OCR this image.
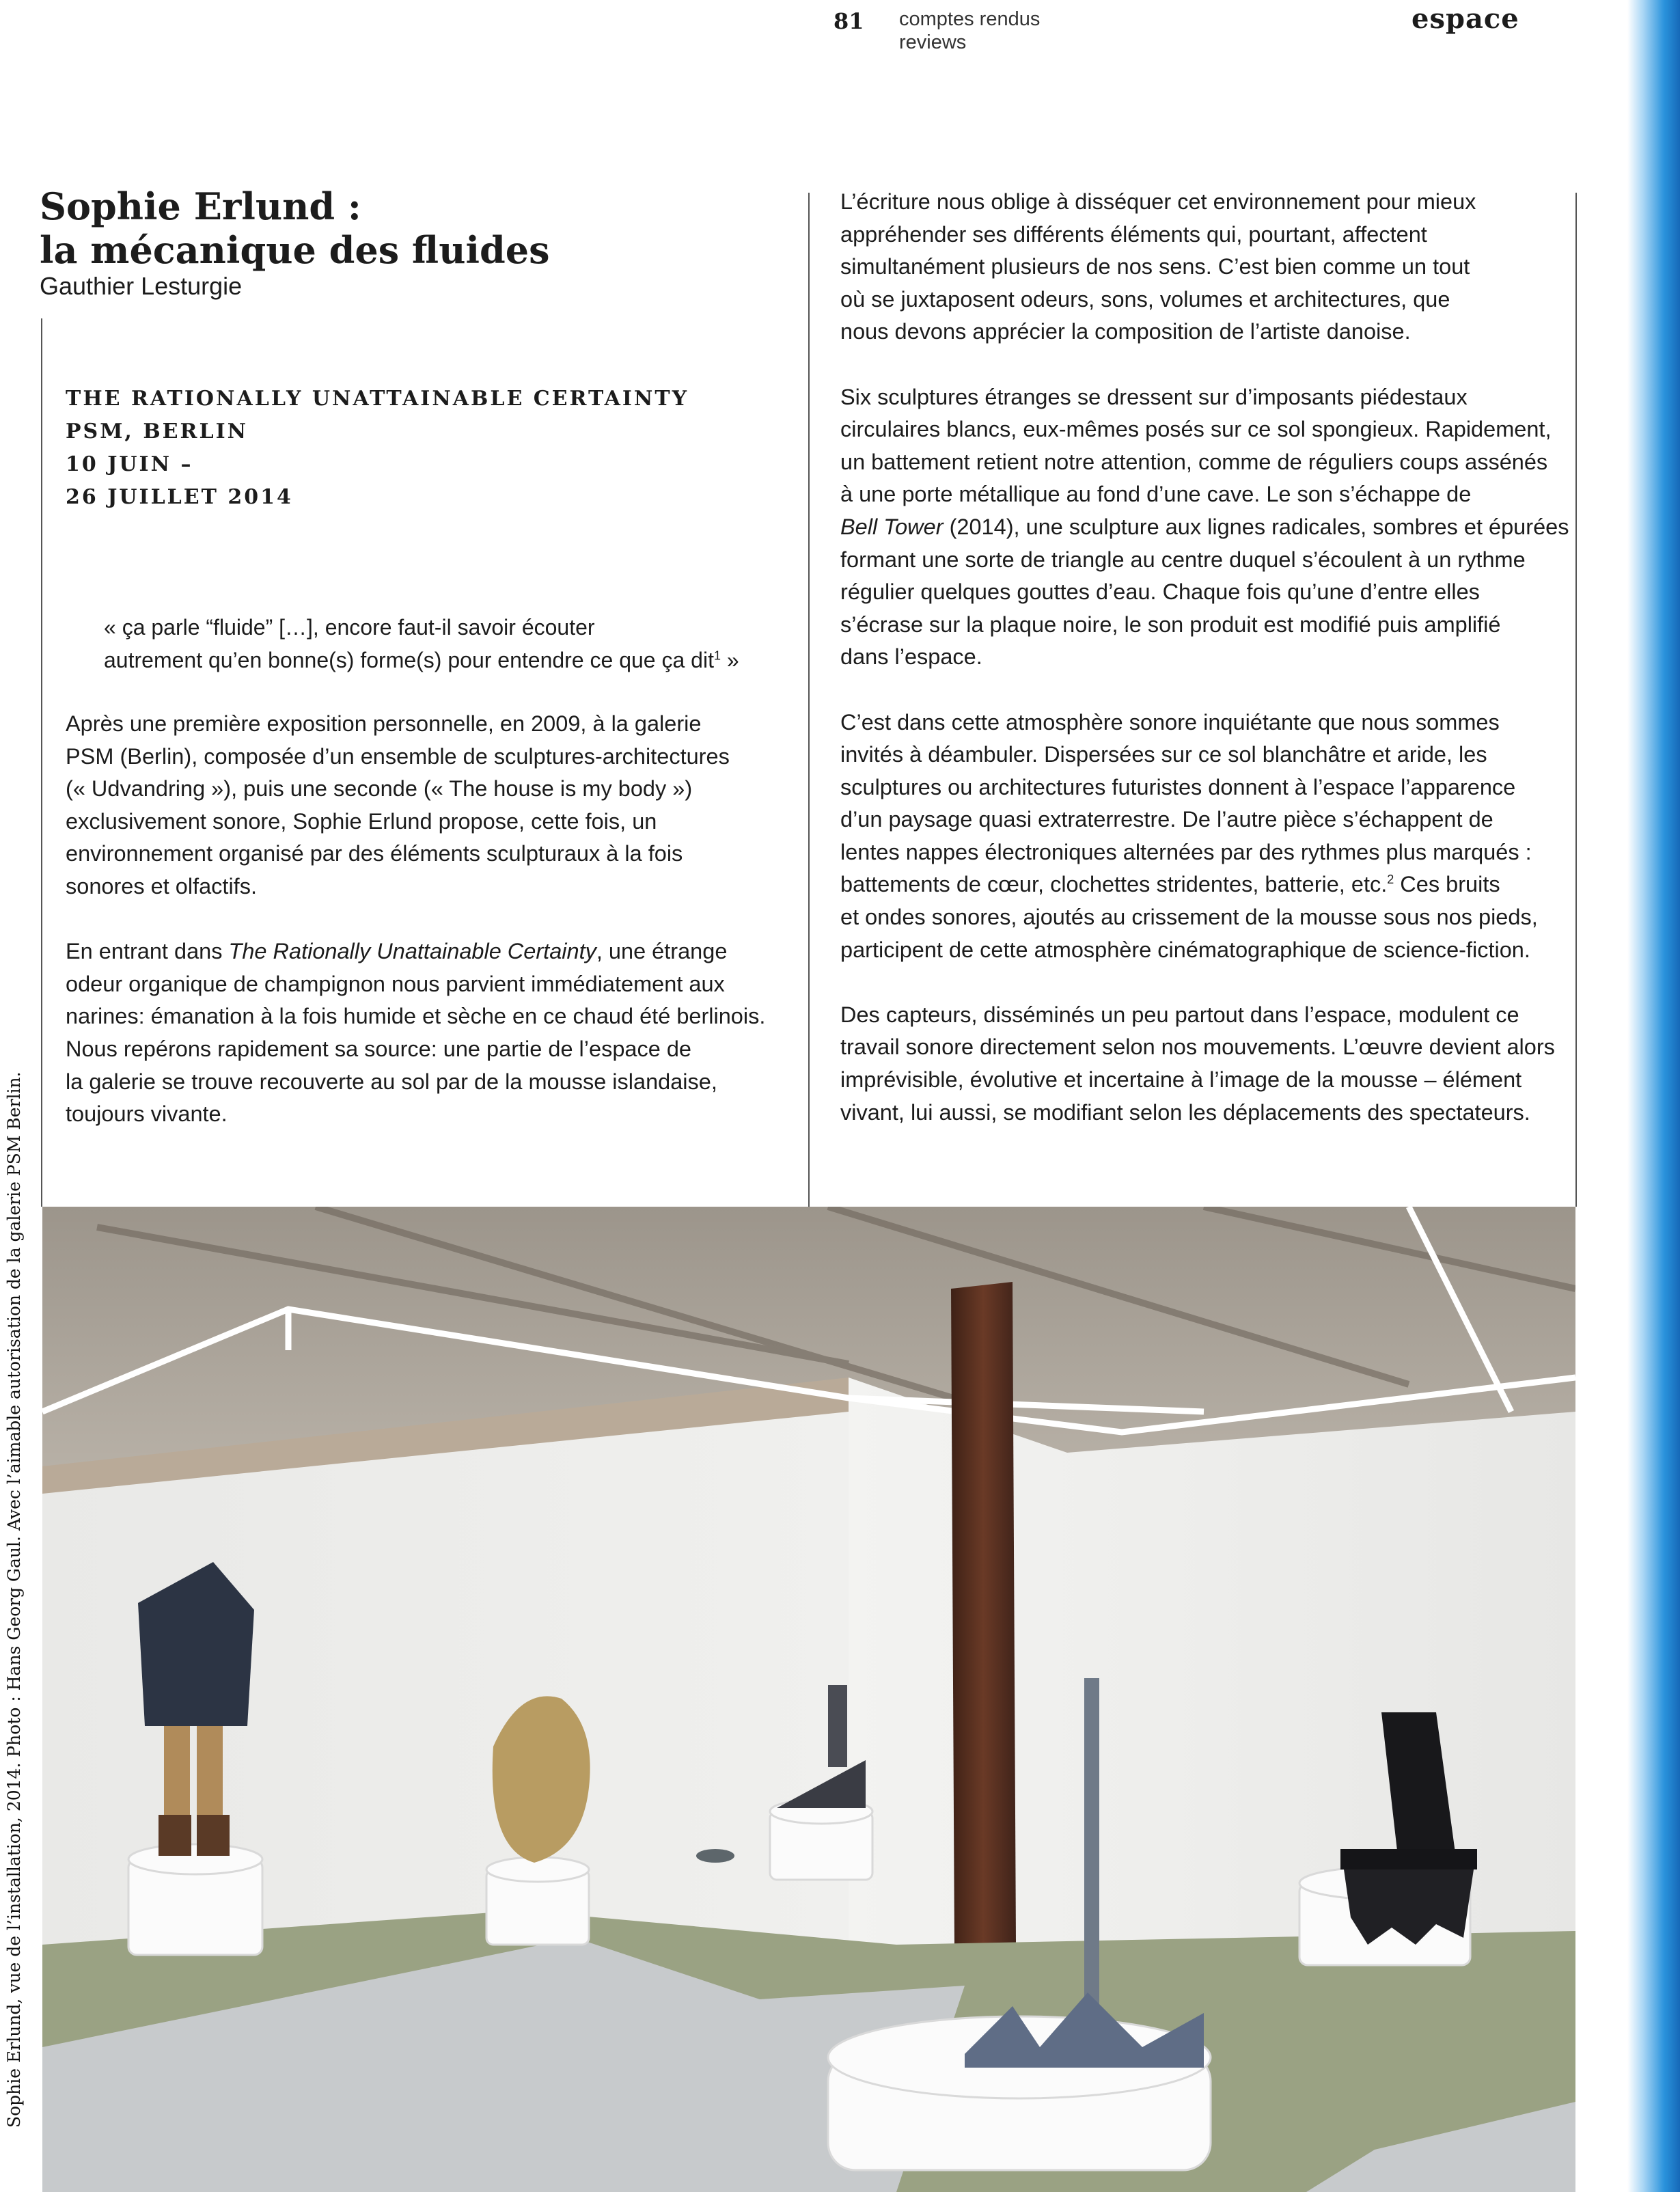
81 comptes rendus
reviews
espace
Sophie Erlund :
la mécanique des fluides
Gauthier Lesturgie
THE RATIONALLY UNATTAINABLE CERTAINTY
PSM, BERLIN
10 JUIN –
26 JUILLET 2014
« ça parle “fluide” […], encore faut-il savoir écouter
autrement qu’en bonne(s) forme(s) pour entendre ce que ça dit$^1$ »
Après une première exposition personnelle, en 2009, à la galerie
PSM (Berlin), composée d’un ensemble de sculptures-architectures
(« Udvandring »), puis une seconde (« The house is my body »)
exclusivement sonore, Sophie Erlund propose, cette fois, un
environnement organisé par des éléments sculpturaux à la fois
sonores et olfactifs.
En entrant dans The Rationally Unattainable Certainty, une étrange
odeur organique de champignon nous parvient immédiatement aux
narines: émanation à la fois humide et sèche en ce chaud été berlinois.
Nous repérons rapidement sa source: une partie de l’espace de
la galerie se trouve recouverte au sol par de la mousse islandaise,
toujours vivante.
L’écriture nous oblige à disséquer cet environnement pour mieux
appréhender ses différents éléments qui, pourtant, affectent
simultanément plusieurs de nos sens. C’est bien comme un tout
où se juxtaposent odeurs, sons, volumes et architectures, que
nous devons apprécier la composition de l’artiste danoise.
Six sculptures étranges se dressent sur d’imposants piédestaux
circulaires blancs, eux-mêmes posés sur ce sol spongieux. Rapidement,
un battement retient notre attention, comme de réguliers coups assénés
à une porte métallique au fond d’une cave. Le son s’échappe de
Bell Tower (2014), une sculpture aux lignes radicales, sombres et épurées
formant une sorte de triangle au centre duquel s’écoulent à un rythme
régulier quelques gouttes d’eau. Chaque fois qu’une d’entre elles
s’écrase sur la plaque noire, le son produit est modifié puis amplifié
dans l’espace.
C’est dans cette atmosphère sonore inquiétante que nous sommes
invités à déambuler. Dispersées sur ce sol blanchâtre et aride, les
sculptures ou architectures futuristes donnent à l’espace l’apparence
d’un paysage quasi extraterrestre. De l’autre pièce s’échappent de
lentes nappes électroniques alternées par des rythmes plus marqués :
battements de cœur, clochettes stridentes, batterie, etc.$^2$ Ces bruits
et ondes sonores, ajoutés au crissement de la mousse sous nos pieds,
participent de cette atmosphère cinématographique de science-fiction.
Des capteurs, disséminés un peu partout dans l’espace, modulent ce
travail sonore directement selon nos mouvements. L’œuvre devient alors
imprévisible, évolutive et incertaine à l’image de la mousse – élément
vivant, lui aussi, se modifiant selon les déplacements des spectateurs.
Sophie Erlund, vue de l’installation, 2014. Photo : Hans Georg Gaul. Avec l’aimable autorisation de la galerie PSM Berlin.
